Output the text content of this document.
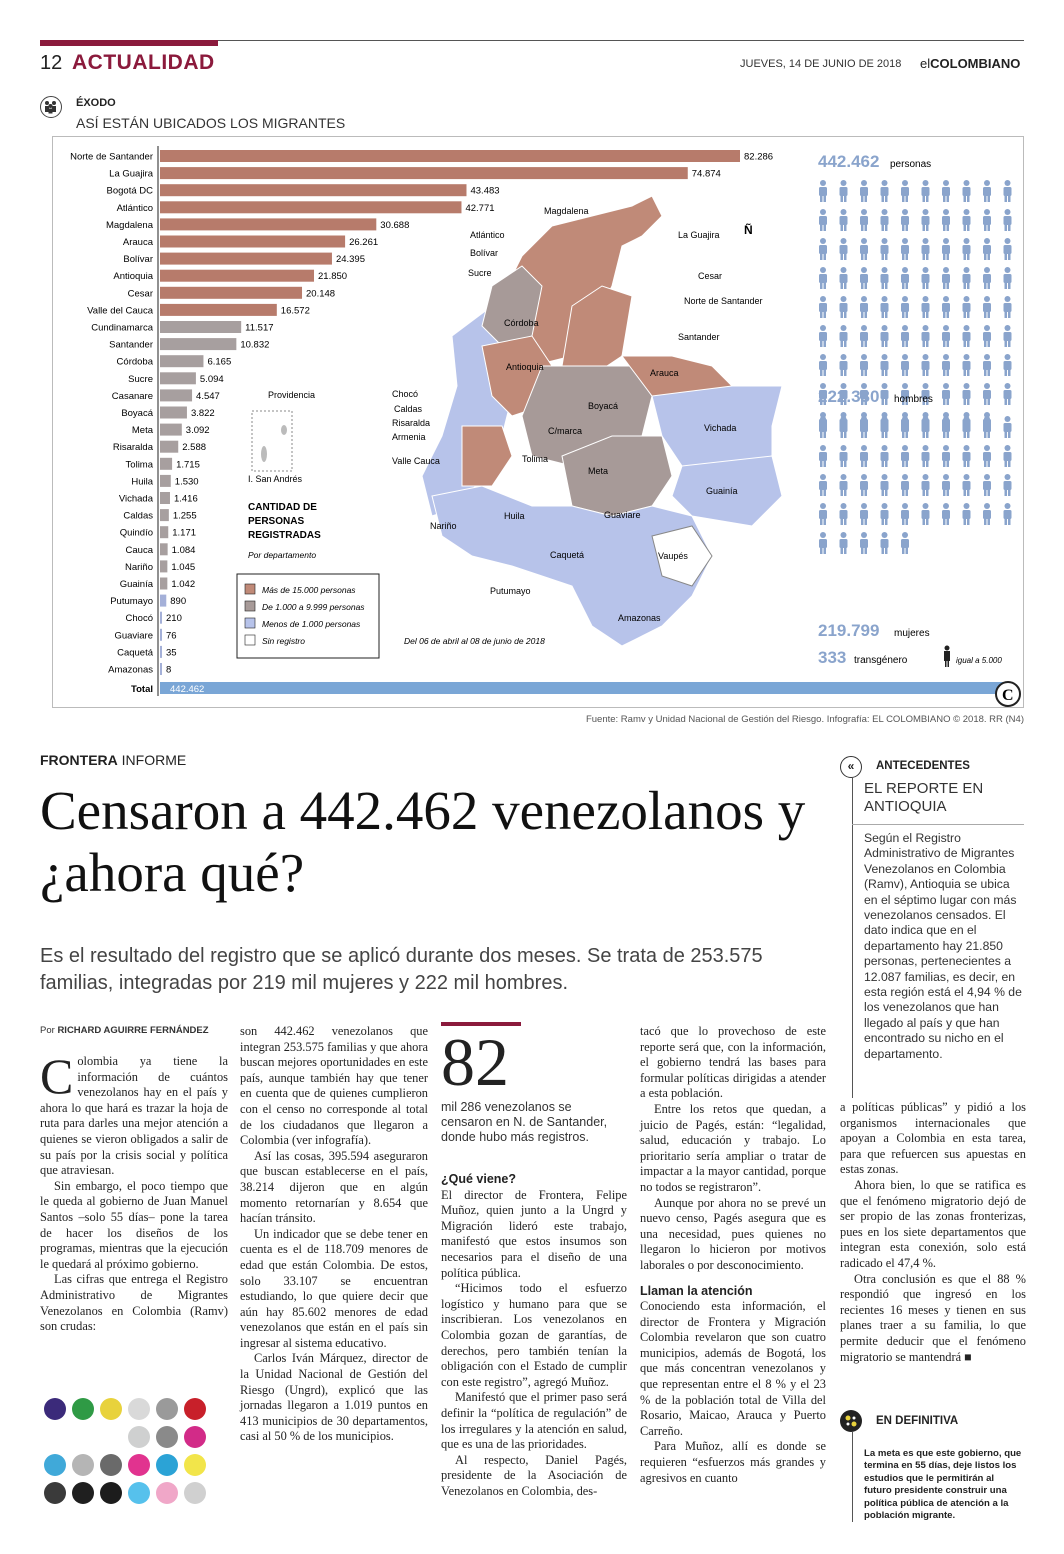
12 ACTUALIDAD	JUEVES, 14 DE JUNIO DE 2018 elCOLOMBIANO
ÉXODO
ASÍ ESTÁN UBICADOS LOS MIGRANTES
Norte de Santander	82.286
La Guajira	74.874
Bogotá DC	43.483
Atlántico	42.771
Magdalena	30.688
Arauca	26.261
Bolívar	24.395
Antioquia	21.850
Cesar	20.148
Valle del Cauca	16.572
Cundinamarca	11.517
Santander	10.832
Córdoba	6.165
Sucre	5.094
Casanare	4.547
Boyacá	3.822
Meta	3.092
Risaralda	2.588
Tolima 1.715
Huila 1.530
Vichada 1.416
Caldas 1.255
Quindío 1.171
Cauca 1.084
Nariño 1.045
Guainía 1.042
Putumayo 890
Chocó 210
Guaviare 76
Caquetá 35
Amazonas 8
Total 442.462	C
Magdalena
Atlántico
Bolívar
Sucre
La Guajira
Cesar
Norte de Santander
Santander
Córdoba
Antioquia
Arauca
Chocó
Caldas
Risaralda
Armenia
Boyacá
C/marca
Tolima
Valle Cauca
Vichada
Meta
Guainía
Nariño
Huila	Guaviare
Caquetá	Vaupés
Putumayo
Amazonas
Providencia
I. San Andrés
CANTIDAD DE PERSONAS REGISTRADAS
Por departamento
Más de 15.000 personas
De 1.000 a 9.999 personas
Menos de 1.000 personas
Sin registro	Del 06 de abril al 08 de junio de 2018
Ñ
442.462 personas
222.330 hombres
219.799 mujeres
333 transgénero	igual a 5.000
Fuente: Ramv y Unidad Nacional de Gestión del Riesgo. Infografía: EL COLOMBIANO © 2018. RR (N4)
FRONTERA INFORME
Censaron a 442.462 venezolanos y ¿ahora qué?
Es el resultado del registro que se aplicó durante dos meses. Se trata de 253.575 familias, integradas por 219 mil mujeres y 222 mil hombres.
Por RICHARD AGUIRRE FERNÁNDEZ

Colombia ya tiene la información de cuántos venezolanos hay en el país y ahora lo que hará es trazar la hoja de ruta para darles una mejor atención a quienes se vieron obligados a salir de su país por la crisis social y política que atraviesan.

Sin embargo, el poco tiempo que le queda al gobierno de Juan Manuel Santos –solo 55 días– pone la tarea de hacer los diseños de los programas, mientras que la ejecución le quedará al próximo gobierno.

Las cifras que entrega el Registro Administrativo de Migrantes Venezolanos en Colombia (Ramv) son crudas:

son 442.462 venezolanos que integran 253.575 familias y que ahora buscan mejores oportunidades en este país, aunque también hay que tener en cuenta que de quienes cumplieron con el censo no corresponde al total de los ciudadanos que llegaron a Colombia (ver infografía).

Así las cosas, 395.594 aseguraron que buscan establecerse en el país, 38.214 dijeron que en algún momento retornarían y 8.654 que hacían tránsito.

Un indicador que se debe tener en cuenta es el de 118.709 menores de edad que están Colombia. De estos, solo 33.107 se encuentran estudiando, lo que quiere decir que aún hay 85.602 menores de edad venezolanos que están en el país sin ingresar al sistema educativo.

Carlos Iván Márquez, director de la Unidad Nacional de Gestión del Riesgo (Ungrd), explicó que las jornadas llegaron a 1.019 puntos en 413 municipios de 30 departamentos, casi al 50 % de los municipios.

82
mil 286 venezolanos se censaron en N. de Santander, donde hubo más registros.

¿Qué viene?

El director de Frontera, Felipe Muñoz, quien junto a la Ungrd y Migración lideró este trabajo, manifestó que estos insumos son necesarios para el diseño de una política pública.

“Hicimos todo el esfuerzo logístico y humano para que se inscribieran. Los venezolanos en Colombia gozan de garantías, de derechos, pero también tenían la obligación con el Estado de cumplir con este registro”, agregó Muñoz.

Manifestó que el primer paso será definir la “política de regulación” de los irregulares y la atención en salud, que es una de las prioridades.

Al respecto, Daniel Pagés, presidente de la Asociación de Venezolanos en Colombia, des-

tacó que lo provechoso de este reporte será que, con la información, el gobierno tendrá las bases para formular políticas dirigidas a atender a esta población.

Entre los retos que quedan, a juicio de Pagés, están: “legalidad, salud, educación y trabajo. Lo prioritario sería ampliar o tratar de impactar a la mayor cantidad, porque no todos se registraron”.

Aunque por ahora no se prevé un nuevo censo, Pagés asegura que es una necesidad, pues quienes no llegaron lo hicieron por motivos laborales o por desconocimiento.

Llaman la atención

Conociendo esta información, el director de Frontera y Migración Colombia revelaron que son cuatro municipios, además de Bogotá, los que más concentran venezolanos y que representan entre el 8 % y el 23 % de la población total de Villa del Rosario, Maicao, Arauca y Puerto Carreño.

Para Muñoz, allí es donde se requieren “esfuerzos más grandes y agresivos en cuanto

a políticas públicas” y pidió a los organismos internacionales que apoyan a Colombia en esta tarea, para que refuercen sus apuestas en estas zonas.

Ahora bien, lo que se ratifica es que el fenómeno migratorio dejó de ser propio de las zonas fronterizas, pues en los siete departamentos que integran esta conexión, solo está radicado el 47,4 %.

Otra conclusión es que el 88 % respondió que ingresó en los recientes 16 meses y tienen en sus planes traer a su familia, lo que permite deducir que el fenómeno migratorio se mantendrá ■

«	ANTECEDENTES
EL REPORTE EN ANTIOQUIA
Según el Registro Administrativo de Migrantes Venezolanos en Colombia (Ramv), Antioquia se ubica en el séptimo lugar con más venezolanos censados. El dato indica que en el departamento hay 21.850 personas, pertenecientes a 12.087 familias, es decir, en esta región está el 4,94 % de los venezolanos que han llegado al país y que han encontrado su nicho en el departamento.
EN DEFINITIVA
La meta es que este gobierno, que termina en 55 días, deje listos los estudios que le permitirán al futuro presidente construir una política pública de atención a la población migrante.
